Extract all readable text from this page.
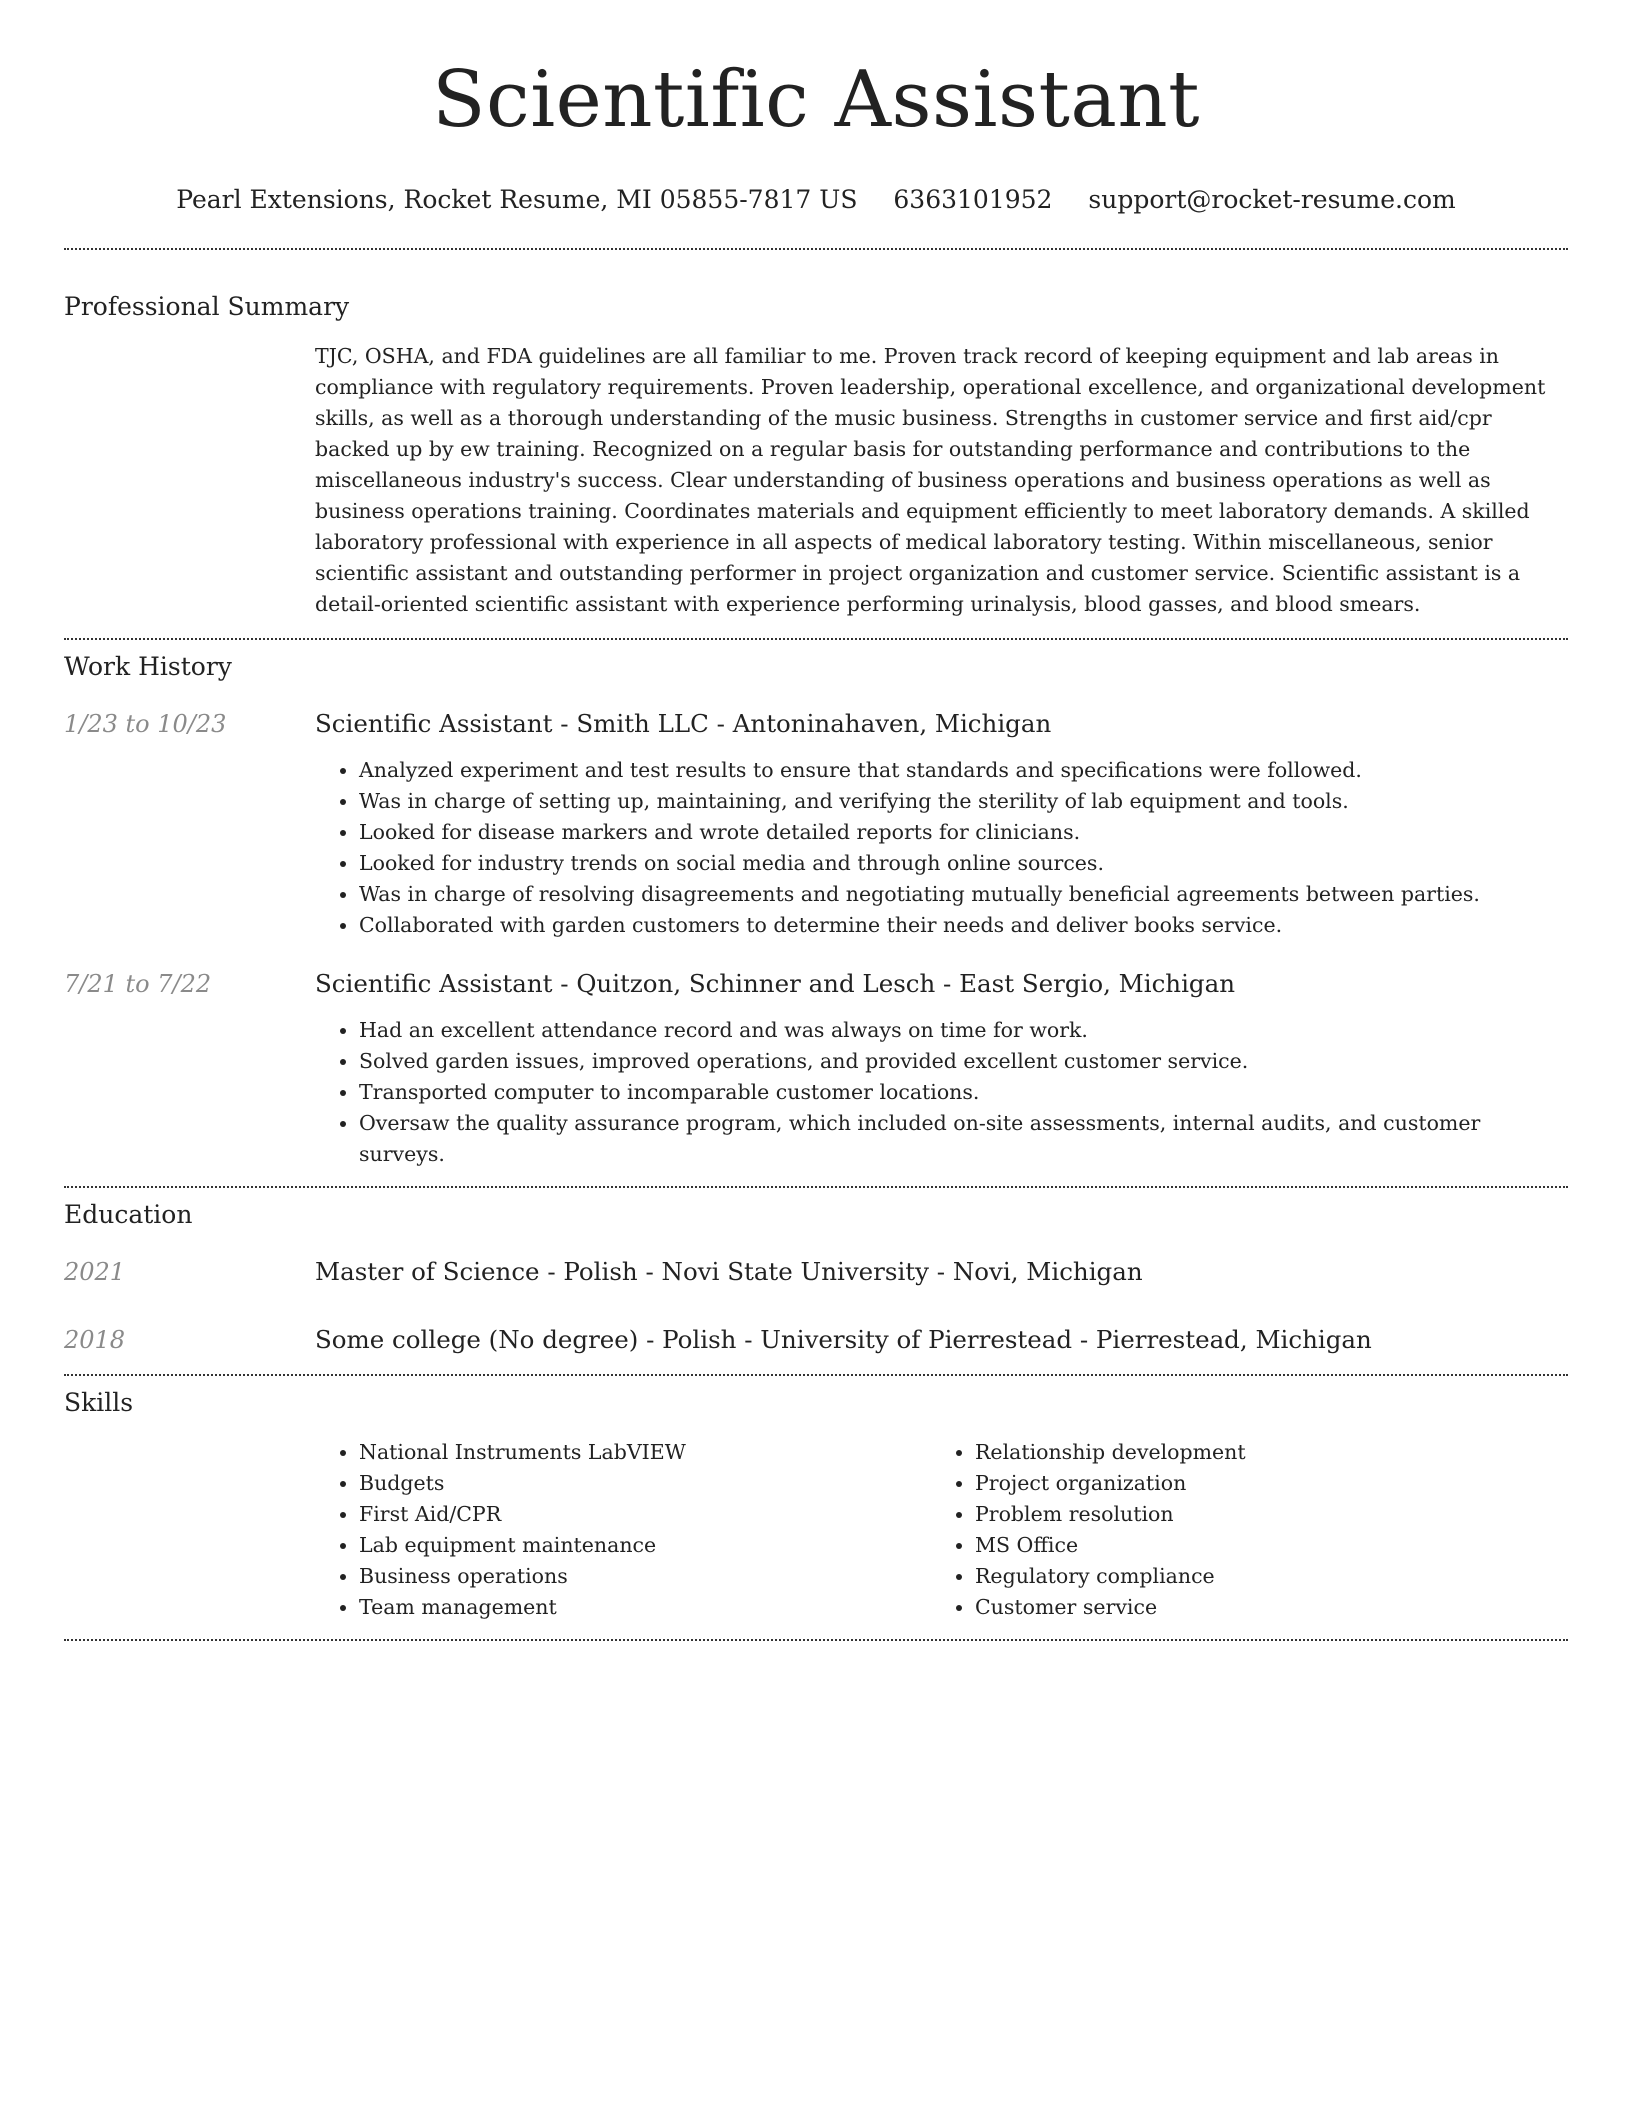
Scientific Assistant
Pearl Extensions, Rocket Resume, MI 05855-7817 US 6363101952 support@rocket-resume.com
Professional Summary

TJC, OSHA, and FDA guidelines are all familiar to me. Proven track record of keeping equipment and lab areas in compliance with regulatory requirements. Proven leadership, operational excellence, and organizational development skills, as well as a thorough understanding of the music business. Strengths in customer service and first aid/cpr backed up by ew training. Recognized on a regular basis for outstanding performance and contributions to the miscellaneous industry's success. Clear understanding of business operations and business operations as well as business operations training. Coordinates materials and equipment efficiently to meet laboratory demands. A skilled laboratory professional with experience in all aspects of medical laboratory testing. Within miscellaneous, senior scientific assistant and outstanding performer in project organization and customer service. Scientific assistant is a detail-oriented scientific assistant with experience performing urinalysis, blood gasses, and blood smears.

Work History
1/23 to 10/23	Scientific Assistant - Smith LLC - Antoninahaven, Michigan
• Analyzed experiment and test results to ensure that standards and specifications were followed.
• Was in charge of setting up, maintaining, and verifying the sterility of lab equipment and tools.
• Looked for disease markers and wrote detailed reports for clinicians.
• Looked for industry trends on social media and through online sources.
• Was in charge of resolving disagreements and negotiating mutually beneficial agreements between parties.
• Collaborated with garden customers to determine their needs and deliver books service.
7/21 to 7/22	Scientific Assistant - Quitzon, Schinner and Lesch - East Sergio, Michigan
• Had an excellent attendance record and was always on time for work.
• Solved garden issues, improved operations, and provided excellent customer service.
• Transported computer to incomparable customer locations.
• Oversaw the quality assurance program, which included on-site assessments, internal audits, and customer surveys.
Education
2021	Master of Science - Polish - Novi State University - Novi, Michigan
2018	Some college (No degree) - Polish - University of Pierrestead - Pierrestead, Michigan
Skills
• National Instruments LabVIEW
• Budgets
• First Aid/CPR
• Lab equipment maintenance
• Business operations
• Team management
• Relationship development
• Project organization
• Problem resolution
• MS Office
• Regulatory compliance
• Customer service
